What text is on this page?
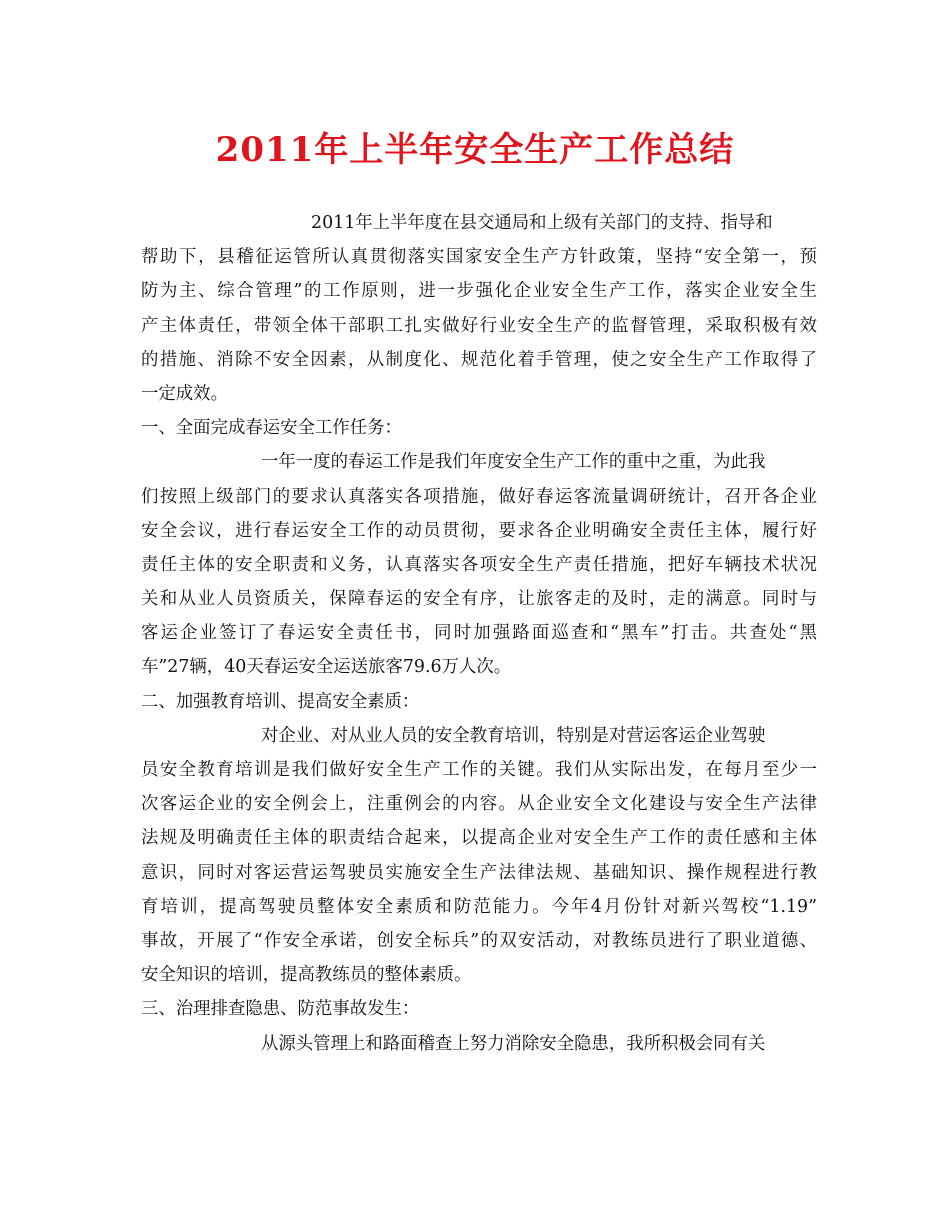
2011年上半年安全生产工作总结
2011年上半年度在县交通局和上级有关部门的支持、指导和
帮助下，县稽征运管所认真贯彻落实国家安全生产方针政策，坚持“安全第一，预
防为主、综合管理”的工作原则，进一步强化企业安全生产工作，落实企业安全生
产主体责任，带领全体干部职工扎实做好行业安全生产的监督管理，采取积极有效
的措施、消除不安全因素，从制度化、规范化着手管理，使之安全生产工作取得了
一定成效。
一、全面完成春运安全工作任务：
一年一度的春运工作是我们年度安全生产工作的重中之重，为此我
们按照上级部门的要求认真落实各项措施，做好春运客流量调研统计，召开各企业
安全会议，进行春运安全工作的动员贯彻，要求各企业明确安全责任主体，履行好
责任主体的安全职责和义务，认真落实各项安全生产责任措施，把好车辆技术状况
关和从业人员资质关，保障春运的安全有序，让旅客走的及时，走的满意。同时与
客运企业签订了春运安全责任书，同时加强路面巡查和“黑车”打击。共查处“黑
车”27辆，40天春运安全运送旅客79.6万人次。
二、加强教育培训、提高安全素质：
对企业、对从业人员的安全教育培训，特别是对营运客运企业驾驶
员安全教育培训是我们做好安全生产工作的关键。我们从实际出发，在每月至少一
次客运企业的安全例会上，注重例会的内容。从企业安全文化建设与安全生产法律
法规及明确责任主体的职责结合起来，以提高企业对安全生产工作的责任感和主体
意识，同时对客运营运驾驶员实施安全生产法律法规、基础知识、操作规程进行教
育培训，提高驾驶员整体安全素质和防范能力。今年4月份针对新兴驾校“1.19”
事故，开展了“作安全承诺，创安全标兵”的双安活动，对教练员进行了职业道德、
安全知识的培训，提高教练员的整体素质。
三、治理排查隐患、防范事故发生：
从源头管理上和路面稽查上努力消除安全隐患，我所积极会同有关
